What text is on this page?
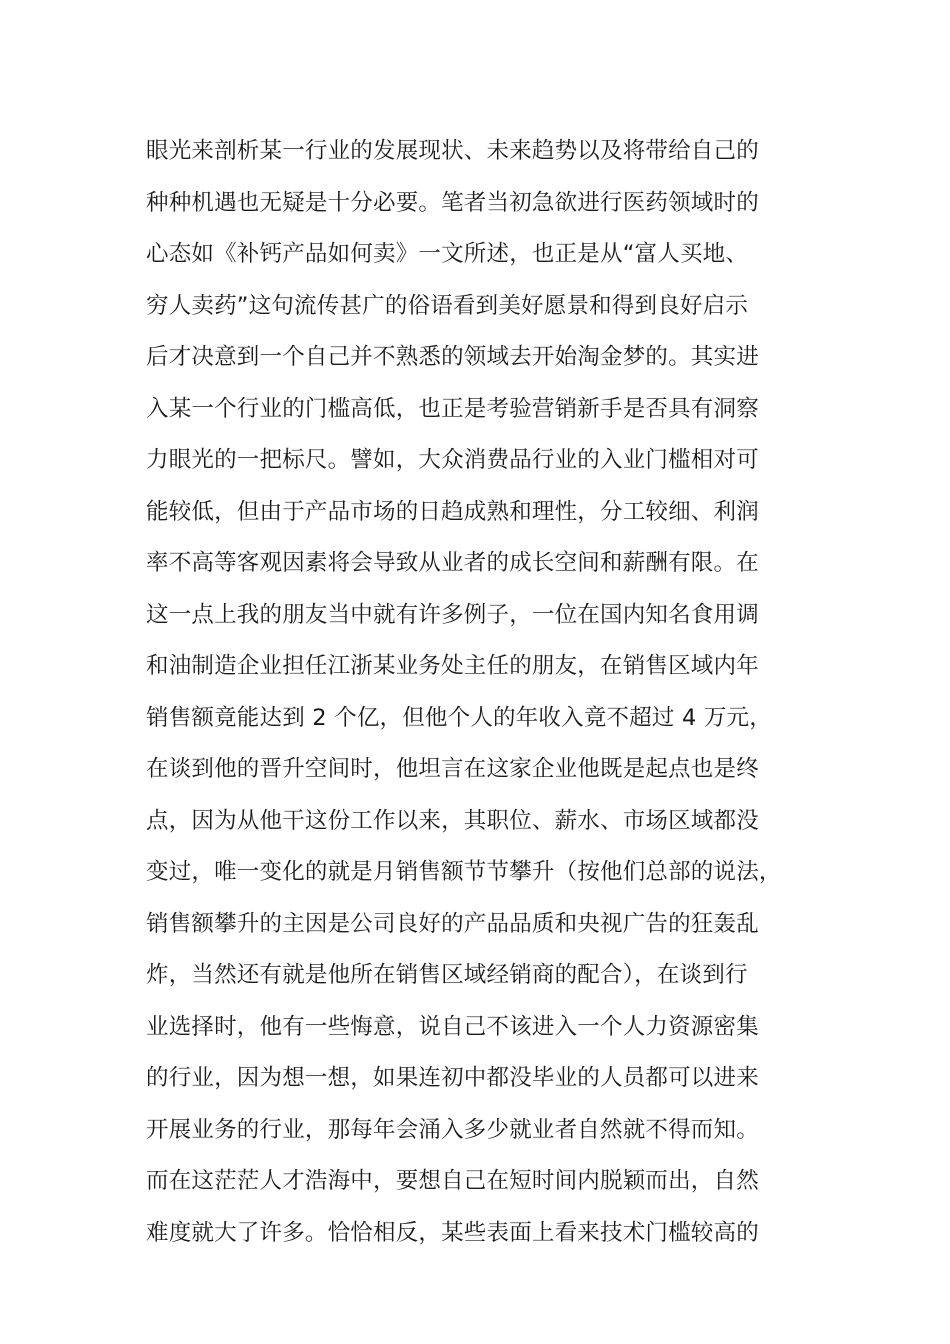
眼光来剖析某一行业的发展现状、未来趋势以及将带给自己的
种种机遇也无疑是十分必要。笔者当初急欲进行医药领域时的
心态如《补钙产品如何卖》一文所述，也正是从“富人买地、
穷人卖药”这句流传甚广的俗语看到美好愿景和得到良好启示
后才决意到一个自己并不熟悉的领域去开始淘金梦的。其实进
入某一个行业的门槛高低，也正是考验营销新手是否具有洞察
力眼光的一把标尺。譬如，大众消费品行业的入业门槛相对可
能较低，但由于产品市场的日趋成熟和理性，分工较细、利润
率不高等客观因素将会导致从业者的成长空间和薪酬有限。在
这一点上我的朋友当中就有许多例子，一位在国内知名食用调
和油制造企业担任江浙某业务处主任的朋友，在销售区域内年
销售额竟能达到 2 个亿，但他个人的年收入竟不超过 4 万元，
在谈到他的晋升空间时，他坦言在这家企业他既是起点也是终
点，因为从他干这份工作以来，其职位、薪水、市场区域都没
变过，唯一变化的就是月销售额节节攀升（按他们总部的说法，
销售额攀升的主因是公司良好的产品品质和央视广告的狂轰乱
炸，当然还有就是他所在销售区域经销商的配合），在谈到行
业选择时，他有一些悔意，说自己不该进入一个人力资源密集
的行业，因为想一想，如果连初中都没毕业的人员都可以进来
开展业务的行业，那每年会涌入多少就业者自然就不得而知。
而在这茫茫人才浩海中，要想自己在短时间内脱颖而出，自然
难度就大了许多。恰恰相反，某些表面上看来技术门槛较高的
